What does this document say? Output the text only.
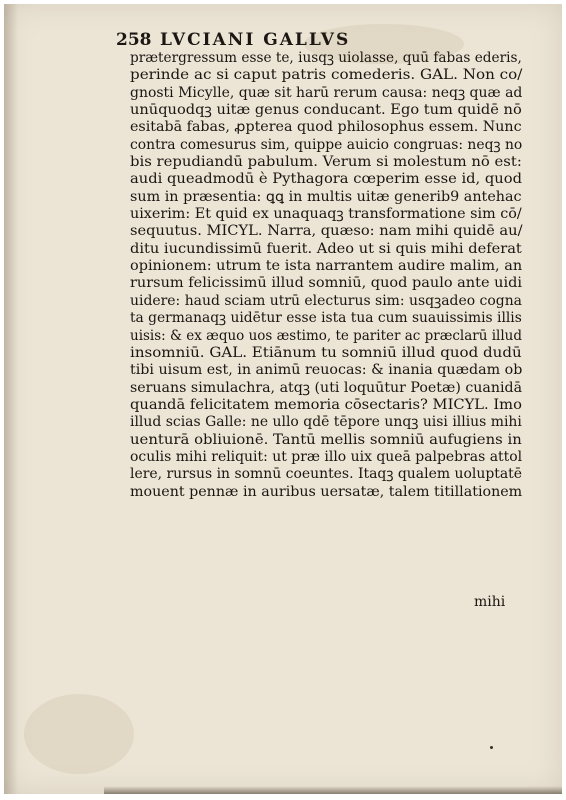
258 LVCIANI GALLVS
prætergressum esse te, iusqꝫ uiolasse, quū fabas ederis,
perinde ac si caput patris comederis. GAL. Non co/
gnosti Micylle, quæ sit harū rerum causa: neqꝫ quæ ad
unūquodqꝫ uitæ genus conducant. Ego tum quidē nō
esitabā fabas, ꝓpterea quod philosophus essem. Nunc
contra comesurus sim, quippe auicio congruas: neqꝫ no
bis repudiandū pabulum. Verum si molestum nō est:
audi queadmodū è Pythagora cœperim esse id, quod
sum in præsentia: ꝗꝗ in multis uitæ generib9 antehac
uixerim: Et quid ex unaquaqꝫ transformatione sim cō/
sequutus. MICYL. Narra, quæso: nam mihi quidē au/
ditu iucundissimū fuerit. Adeo ut si quis mihi deferat
opinionem: utrum te ista narrantem audire malim, an
rursum felicissimū illud somniū, quod paulo ante uidi
uidere: haud sciam utrū electurus sim: usqꝫadeo cogna
ta germanaqꝫ uidētur esse ista tua cum suauissimis illis
uisis: & ex æquo uos æstimo, te pariter ac præclarū illud
insomniū. GAL. Etiānum tu somniū illud quod dudū
tibi uisum est, in animū reuocas: & inania quædam ob
seruans simulachra, atqꝫ (uti loquūtur Poetæ) cuanidā
quandā felicitatem memoria cōsectaris? MICYL. Imo
illud scias Galle: ne ullo qdē tēpore unqꝫ uisi illius mihi
uenturā obliuionē. Tantū mellis somniū aufugiens in
oculis mihi reliquit: ut præ illo uix queā palpebras attol
lere, rursus in somnū coeuntes. Itaqꝫ qualem uoluptatē
mouent pennæ in auribus uersatæ, talem titillationem
mihi
